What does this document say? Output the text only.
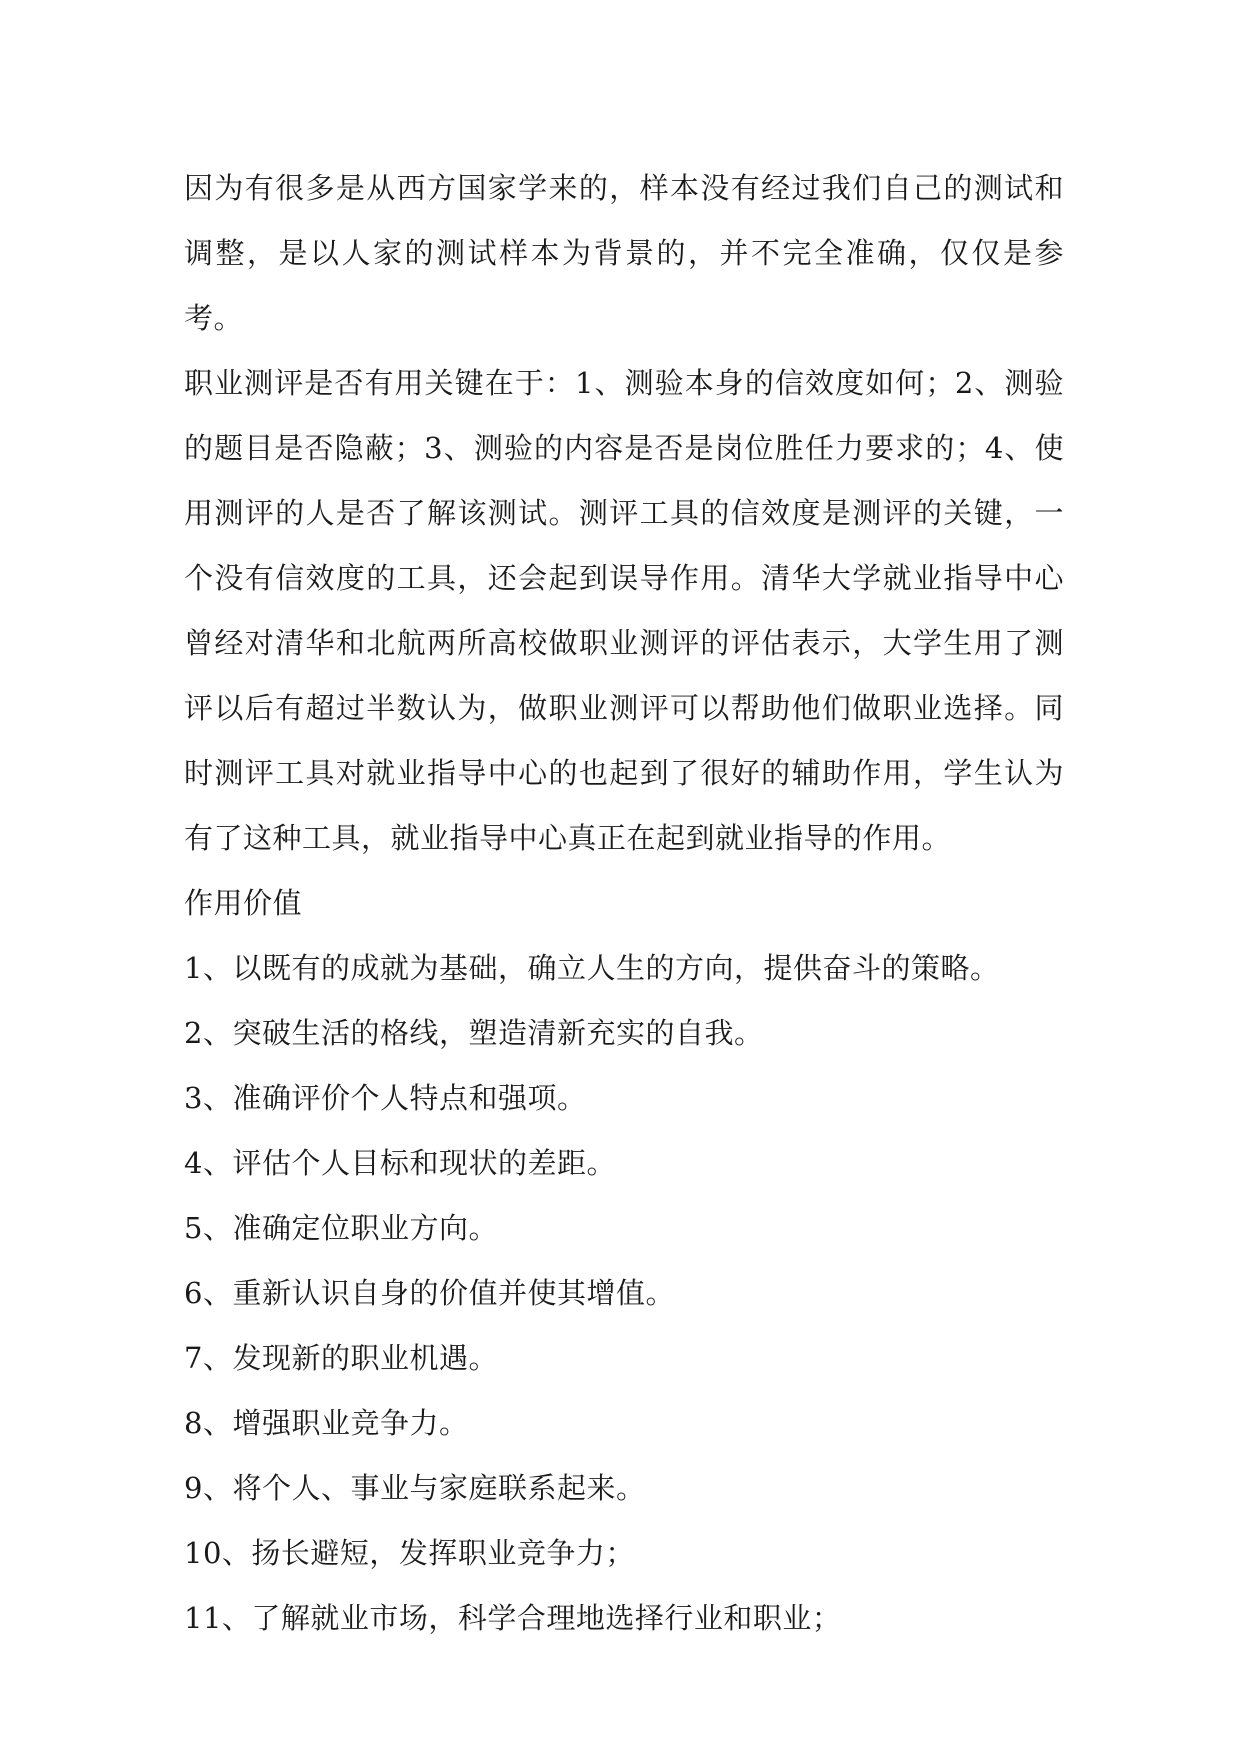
因为有很多是从西方国家学来的，样本没有经过我们自己的测试和调整，是以人家的测试样本为背景的，并不完全准确，仅仅是参考。

职业测评是否有用关键在于：1、测验本身的信效度如何；2、测验的题目是否隐蔽；3、测验的内容是否是岗位胜任力要求的；4、使用测评的人是否了解该测试。测评工具的信效度是测评的关键，一个没有信效度的工具，还会起到误导作用。清华大学就业指导中心曾经对清华和北航两所高校做职业测评的评估表示，大学生用了测评以后有超过半数认为，做职业测评可以帮助他们做职业选择。同时测评工具对就业指导中心的也起到了很好的辅助作用，学生认为有了这种工具，就业指导中心真正在起到就业指导的作用。

作用价值
1、以既有的成就为基础，确立人生的方向，提供奋斗的策略。
2、突破生活的格线，塑造清新充实的自我。
3、准确评价个人特点和强项。
4、评估个人目标和现状的差距。
5、准确定位职业方向。
6、重新认识自身的价值并使其增值。
7、发现新的职业机遇。
8、增强职业竞争力。
9、将个人、事业与家庭联系起来。
10、扬长避短，发挥职业竞争力；
11、了解就业市场，科学合理地选择行业和职业；
